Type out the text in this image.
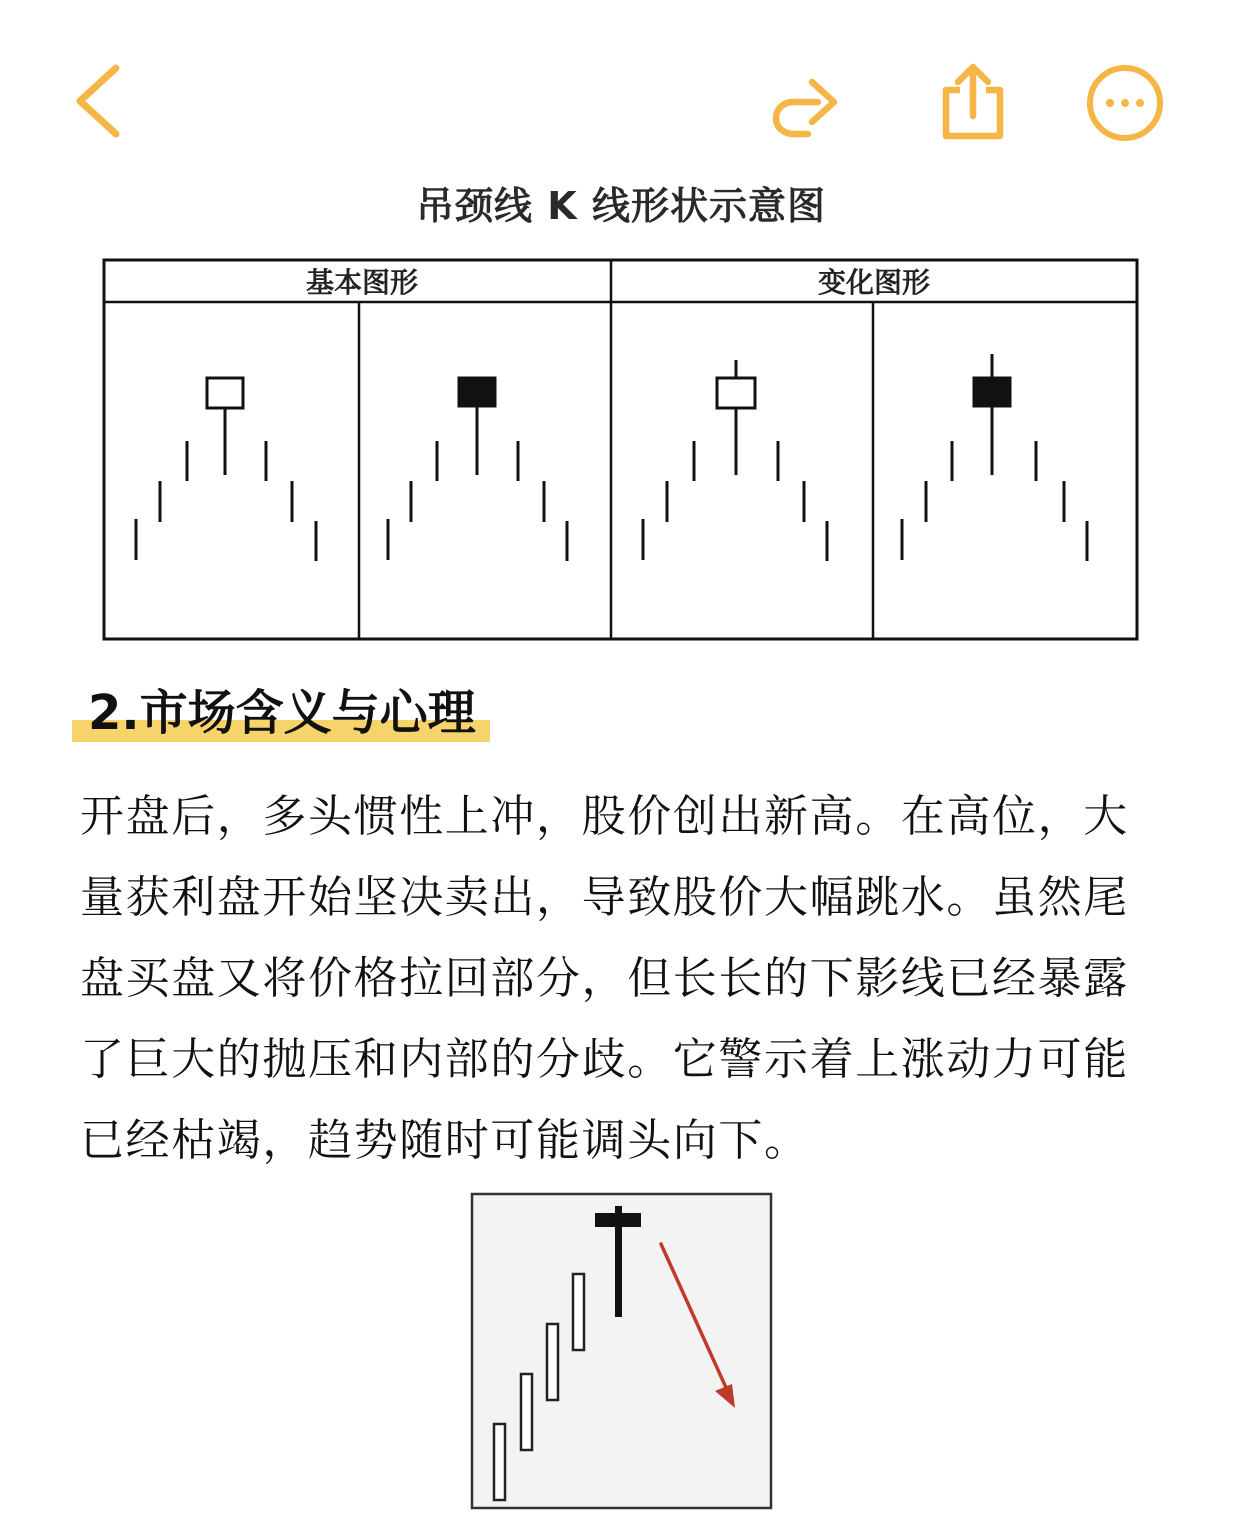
吊颈线 K 线形状示意图
基本图形	变化图形
2.市场含义与心理
开盘后，多头惯性上冲，股价创出新高。在高位，大量获利盘开始坚决卖出，导致股价大幅跳水。虽然尾盘买盘又将价格拉回部分，但长长的下影线已经暴露了巨大的抛压和内部的分歧。它警示着上涨动力可能已经枯竭，趋势随时可能调头向下。
